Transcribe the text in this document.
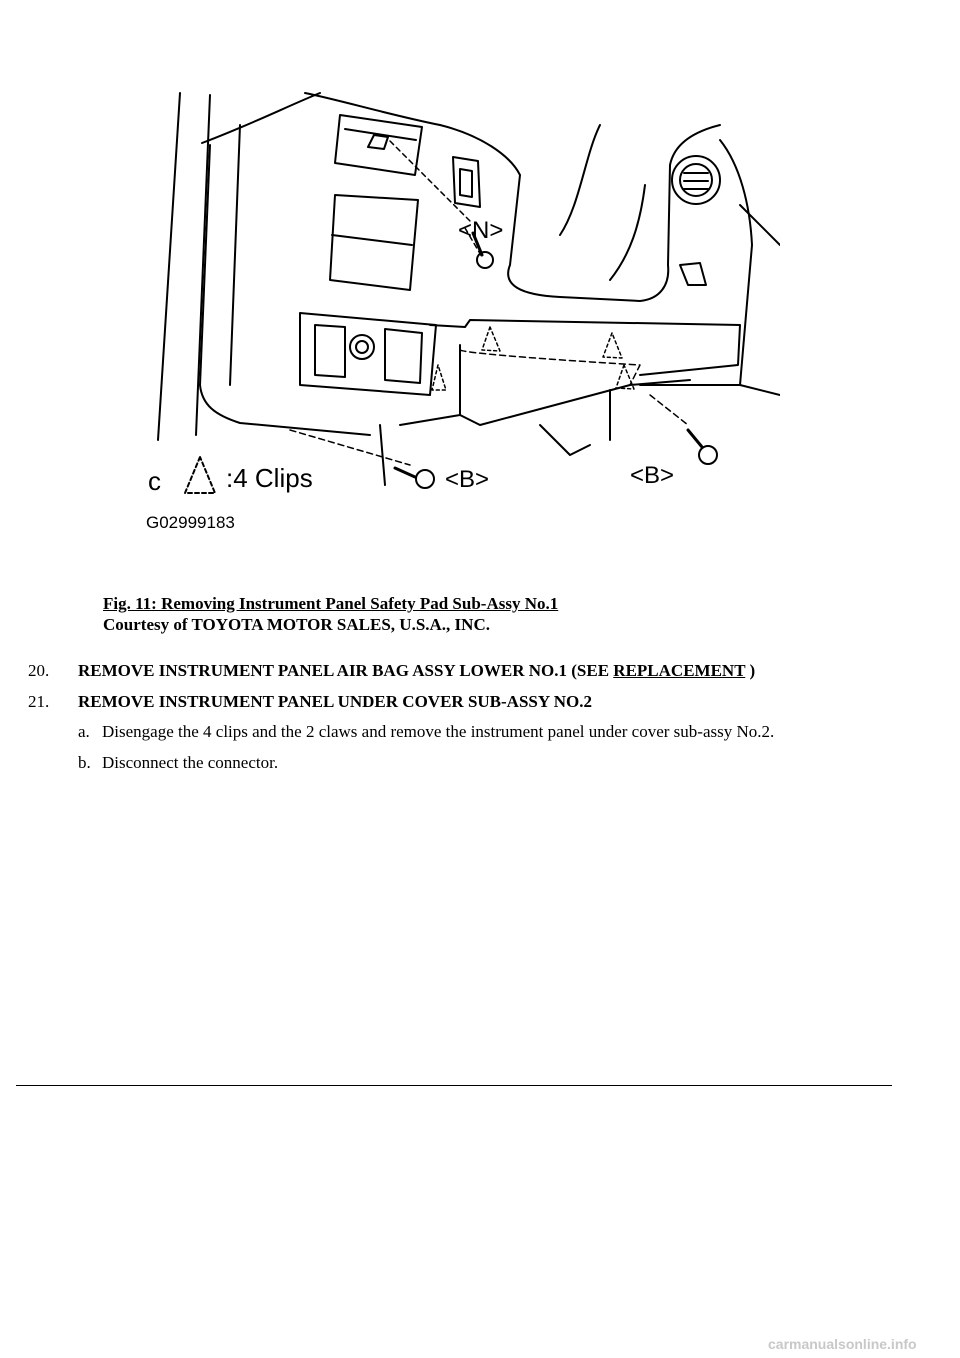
<N>
<B>	<B>
c	:4 Clips
G02999183
Fig. 11: Removing Instrument Panel Safety Pad Sub-Assy No.1
Courtesy of TOYOTA MOTOR SALES, U.S.A., INC.
20. REMOVE INSTRUMENT PANEL AIR BAG ASSY LOWER NO.1 (SEE REPLACEMENT )
21. REMOVE INSTRUMENT PANEL UNDER COVER SUB-ASSY NO.2
a. Disengage the 4 clips and the 2 claws and remove the instrument panel under cover sub-assy No.2.
b. Disconnect the connector.
carmanualsonline.info
